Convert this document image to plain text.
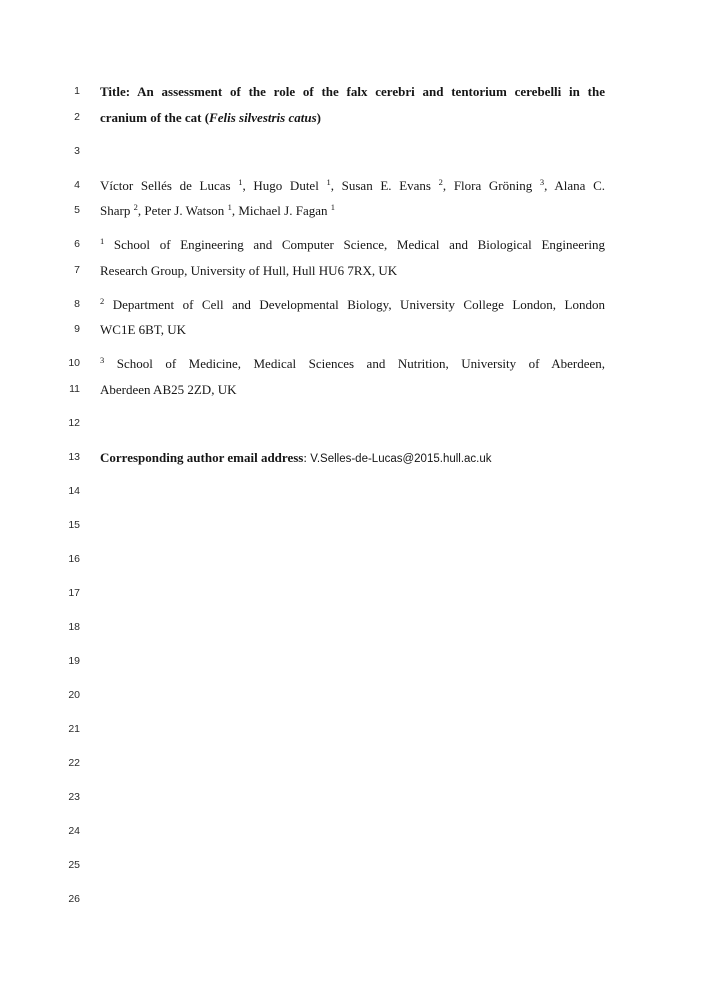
1 Title: An assessment of the role of the falx cerebri and tentorium cerebelli in the
2 cranium of the cat (Felis silvestris catus)
3
4 Víctor Sellés de Lucas $^1$, Hugo Dutel $^1$, Susan E. Evans $^2$, Flora Gröning $^3$, Alana C.
5 Sharp $^2$, Peter J. Watson $^1$, Michael J. Fagan $^1$
6 $^1$ School of Engineering and Computer Science, Medical and Biological Engineering
7 Research Group, University of Hull, Hull HU6 7RX, UK
8 $^2$ Department of Cell and Developmental Biology, University College London, London
9 WC1E 6BT, UK
10 $^3$ School of Medicine, Medical Sciences and Nutrition, University of Aberdeen,
11 Aberdeen AB25 2ZD, UK
12
13 Corresponding author email address: V.Selles-de-Lucas@2015.hull.ac.uk
14
15
16
17
18
19
20
21
22
23
24
25
26
